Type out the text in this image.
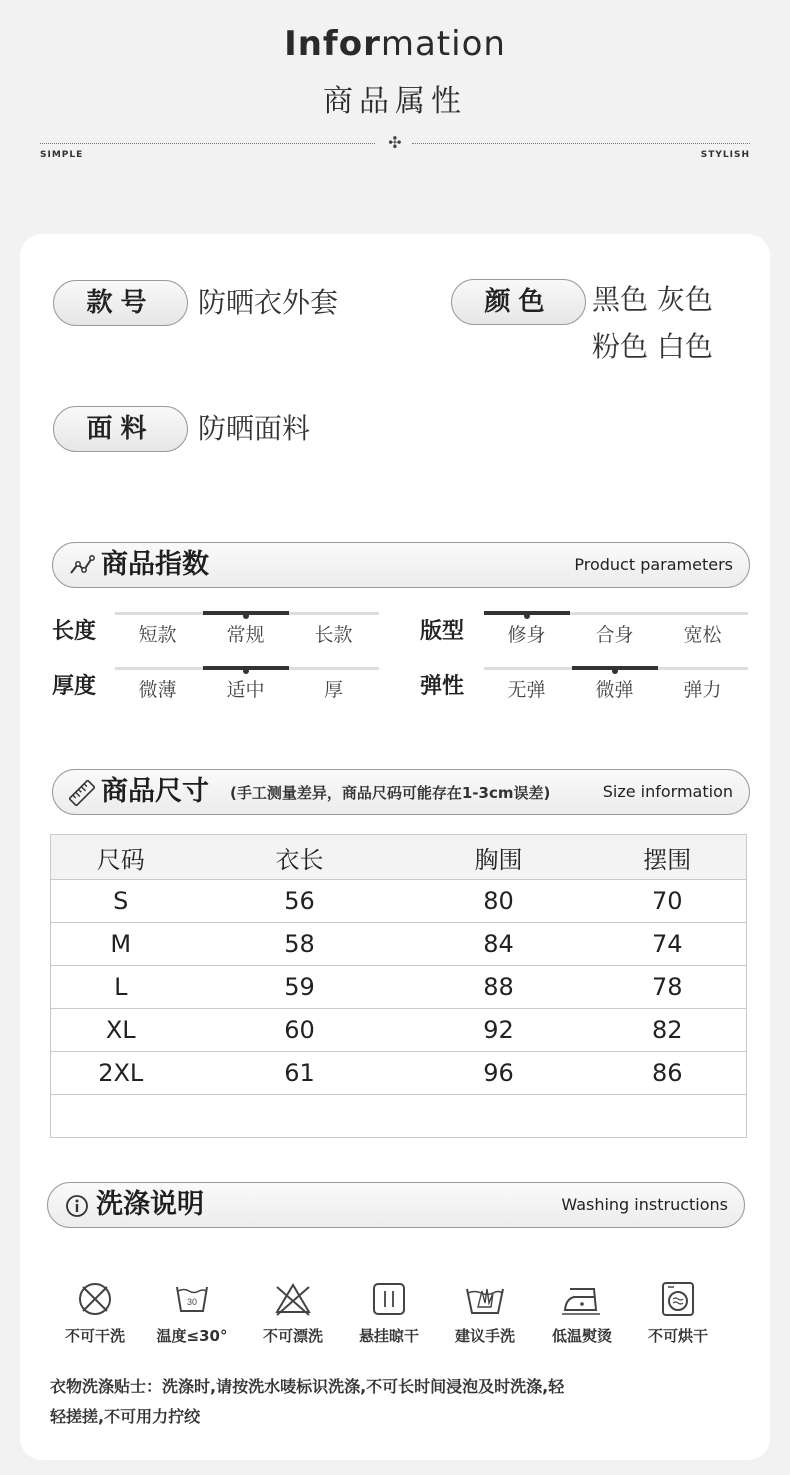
Information
商品属性
✣
SIMPLE	STYLISH
款号	防晒衣外套	颜色	黑色 灰色
粉色 白色
面料	防晒面料
商品指数	Product parameters
长度	短款	常规	长款	版型	修身	合身	宽松
厚度	微薄	适中	厚	弹性	无弹	微弹	弹力
商品尺寸 (手工测量差异，商品尺码可能存在1-3cm误差)	Size information
尺码	衣长	胸围	摆围
S	56	80	70
M	58	84	74
L	59	88	78
XL	60	92	82
2XL	61	96	86

洗涤说明	Washing instructions
不可干洗
30
温度≤30°	不可漂洗	悬挂晾干	建议手洗	低温熨烫	不可烘干
衣物洗涤贴士：洗涤时,请按洗水唛标识洗涤,不可长时间浸泡及时洗涤,轻
轻搓搓,不可用力拧绞
